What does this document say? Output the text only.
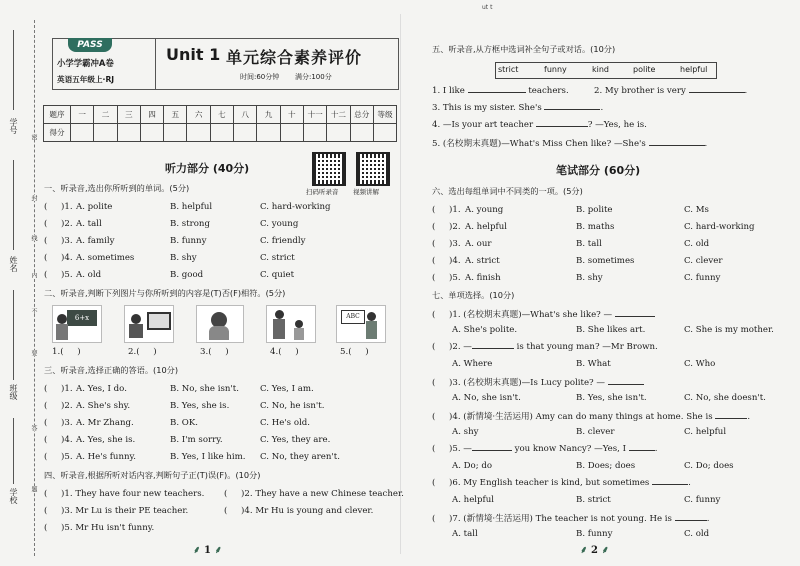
ut t
学号
姓名
班级
学校
密
封
线
内
不
要
答
题
PASS
小学学霸冲A卷
英语五年级上·RJ
Unit 1 单元综合素养评价
时间:60分钟 满分:100分
题序	一	二	三	四	五	六	七	八	九	十	十一	十二	总分	等级
得分														
扫码听录音 视频讲解
听力部分 (40分)
一、听录音,选出你所听到的单词。(5分)
(     )1. A. polite	B. helpful	C. hard-working
(     )2. A. tall	B. strong	C. young
(     )3. A. family	B. funny	C. friendly
(     )4. A. sometimes	B. shy	C. strict
(     )5. A. old	B. good	C. quiet
二、听录音,判断下列图片与你所听到的内容是(T)否(F)相符。(5分)
6+x	ABC
1.(     )	2.(     )	3.(     )	4.(     )	5.(     )
三、听录音,选择正确的答语。(10分)
(     )1. A. Yes, I do.	B. No, she isn't. C. Yes, I am.
(     )2. A. She's shy.	B. Yes, she is.	C. No, he isn't.
(     )3. A. Mr Zhang.	B. OK.	C. He's old.
(     )4. A. Yes, she is.	B. I'm sorry.	C. Yes, they are.
(     )5. A. He's funny.	B. Yes, I like him. C. No, they aren't.
四、听录音,根据所听对话内容,判断句子正(T)误(F)。(10分)
(     )1. They have four new teachers. (     )2. They have a new Chinese teacher.
(     )3. Mr Lu is their PE teacher.	(     )4. Mr Hu is young and clever.
(     )5. Mr Hu isn't funny.
⸙ 1 ⸙
五、听录音,从方框中选词补全句子或对话。(10分)
strict	funny	kind	polite	helpful
1. I like	teachers.	2. My brother is very	.
3. This is my sister. She's	.
4. —Is your art teacher	? —Yes, he is.
5. (名校期末真题)—What's Miss Chen like? —She's	.
笔试部分 (60分)
六、选出每组单词中不同类的一项。(5分)
(     )1. A. young	B. polite	C. Ms
(     )2. A. helpful	B. maths	C. hard-working
(     )3. A. our	B. tall	C. old
(     )4. A. strict	B. sometimes	C. clever
(     )5. A. finish	B. shy	C. funny
七、单项选择。(10分)
(     )1. (名校期末真题)—What's she like? —
A. She's polite.	B. She likes art.	C. She is my mother.
(     )2. —	is that young man? —Mr Brown.
A. Where	B. What	C. Who
(     )3. (名校期末真题)—Is Lucy polite? —
A. No, she isn't.	B. Yes, she isn't.	C. No, she doesn't.
(     )4. (新情境·生活运用) Amy can do many things at home. She is	.
A. shy	B. clever	C. helpful
(     )5. —	you know Nancy? —Yes, I	.
A. Do; do	B. Does; does	C. Do; does
(     )6. My English teacher is kind, but sometimes	.
A. helpful	B. strict	C. funny
(     )7. (新情境·生活运用) The teacher is not young. He is	.
A. tall	B. funny	C. old
⸙ 2 ⸙
